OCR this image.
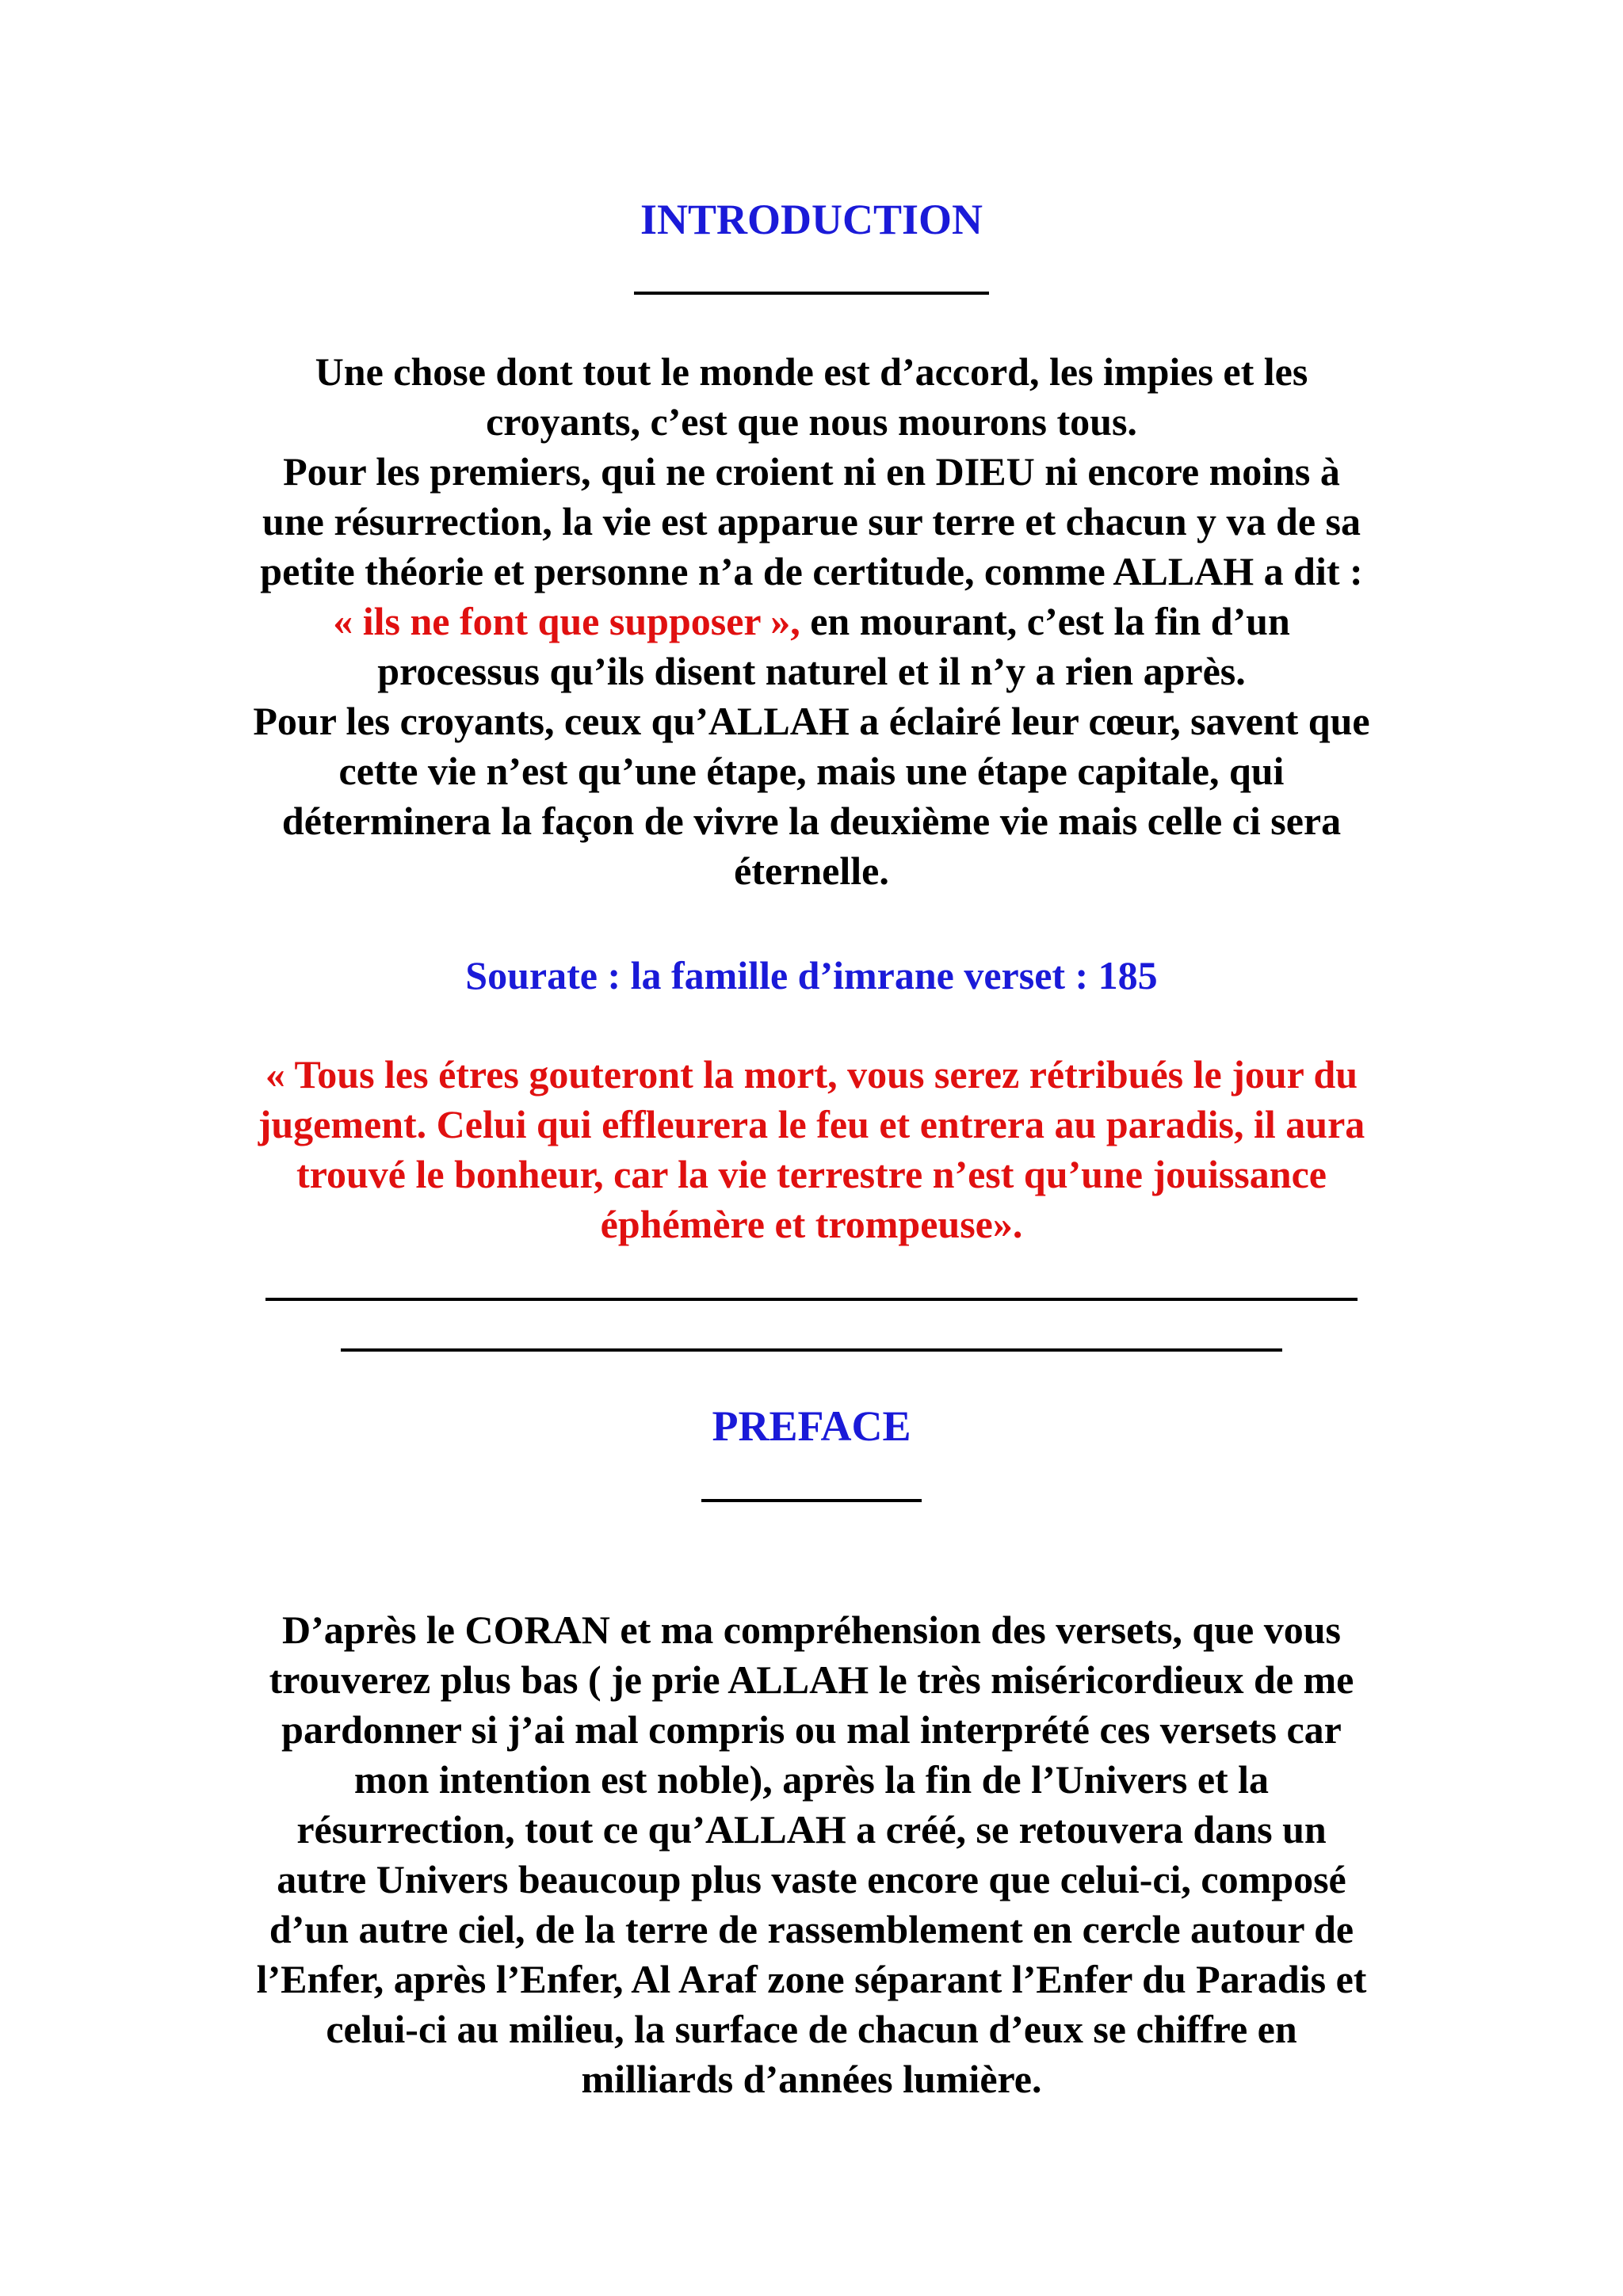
INTRODUCTION
Une chose dont tout le monde est d’accord, les impies et les
croyants, c’est que nous mourons tous.
Pour les premiers, qui ne croient ni en DIEU ni encore moins à
une résurrection, la vie est apparue sur terre et chacun y va de sa
petite théorie et personne n’a de certitude, comme ALLAH a dit :
« ils ne font que supposer », en mourant, c’est la fin d’un
processus qu’ils disent naturel et il n’y a rien après.
Pour les croyants, ceux qu’ALLAH a éclairé leur cœur, savent que
cette vie n’est qu’une étape, mais une étape capitale, qui
déterminera la façon de vivre la deuxième vie mais celle ci sera
éternelle.
Sourate : la famille d’imrane verset : 185
« Tous les étres gouteront la mort, vous serez rétribués le jour du
jugement. Celui qui effleurera le feu et entrera au paradis, il aura
trouvé le bonheur, car la vie terrestre n’est qu’une jouissance
éphémère et trompeuse».
PREFACE
D’après le CORAN et ma compréhension des versets, que vous
trouverez plus bas ( je prie ALLAH le très miséricordieux de me
pardonner si j’ai mal compris ou mal interprété ces versets car
mon intention est noble), après la fin de l’Univers et la
résurrection, tout ce qu’ALLAH a créé, se retouvera dans un
autre Univers beaucoup plus vaste encore que celui-ci, composé
d’un autre ciel, de la terre de rassemblement en cercle autour de
l’Enfer, après l’Enfer, Al Araf zone séparant l’Enfer du Paradis et
celui-ci au milieu, la surface de chacun d’eux se chiffre en
milliards d’années lumière.
